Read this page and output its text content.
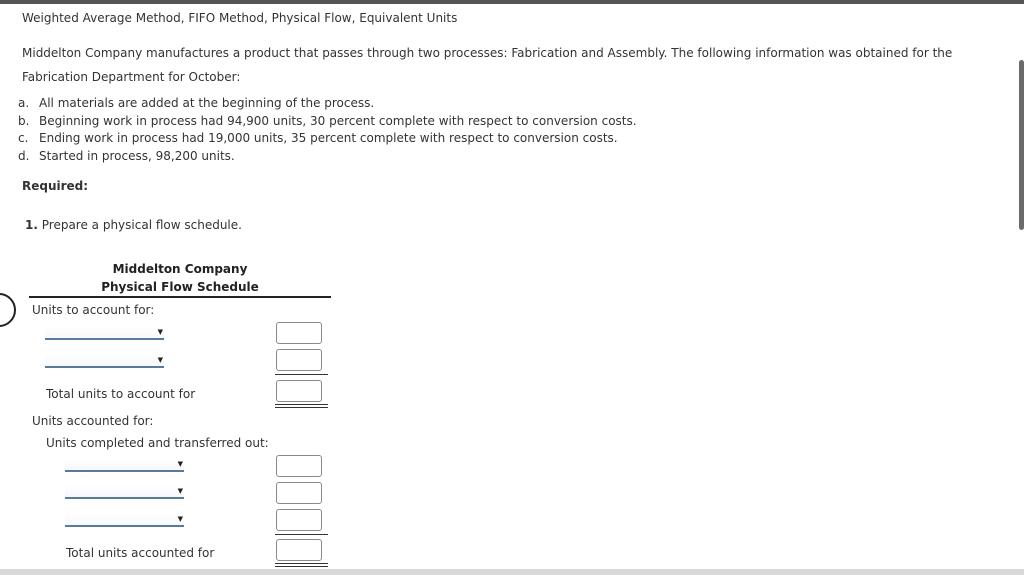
Weighted Average Method, FIFO Method, Physical Flow, Equivalent Units
Middelton Company manufactures a product that passes through two processes: Fabrication and Assembly. The following information was obtained for the Fabrication Department for October:
a. All materials are added at the beginning of the process.
b. Beginning work in process had 94,900 units, 30 percent complete with respect to conversion costs.
c. Ending work in process had 19,000 units, 35 percent complete with respect to conversion costs.
d. Started in process, 98,200 units.
Required:
1. Prepare a physical flow schedule.
Middelton Company
Physical Flow Schedule
Units to account for:
▼
▼
Total units to account for
Units accounted for:
Units completed and transferred out:
▼
▼
▼
Total units accounted for
